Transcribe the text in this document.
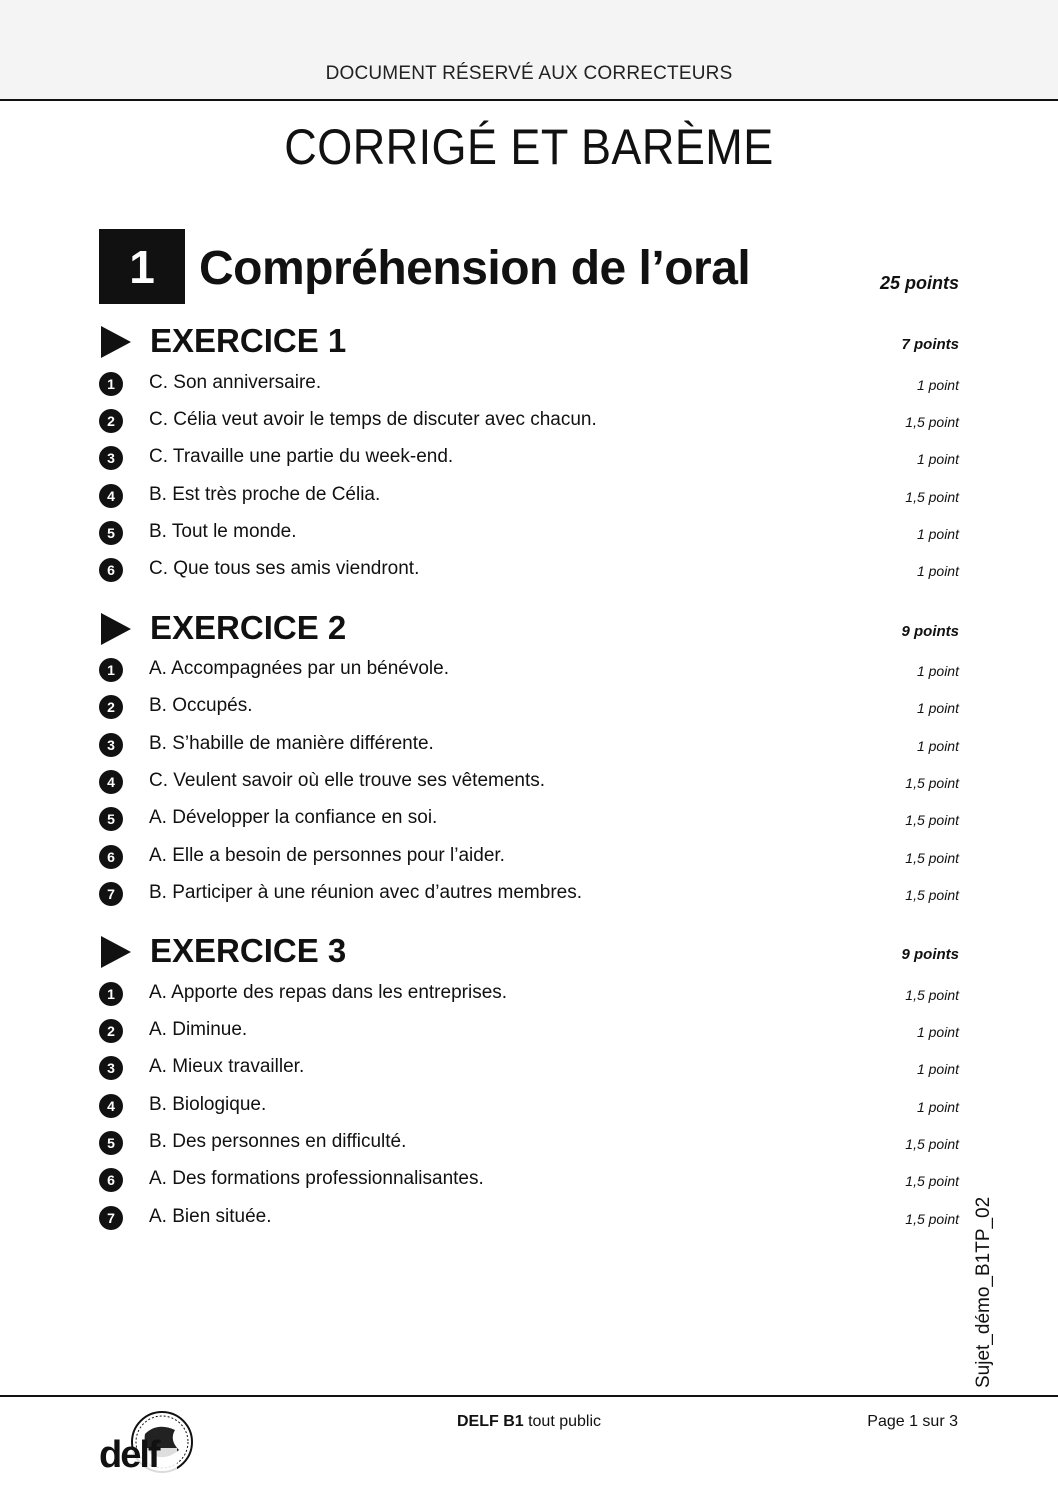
DOCUMENT RÉSERVÉ AUX CORRECTEURS
CORRIGÉ ET BARÈME
1 Compréhension de l’oral	25 points
EXERCICE 1	7 points
1	C. Son anniversaire.	1 point
2	C. Célia veut avoir le temps de discuter avec chacun.	1,5 point
3	C. Travaille une partie du week-end.	1 point
4	B. Est très proche de Célia.	1,5 point
5	B. Tout le monde.	1 point
6	C. Que tous ses amis viendront.	1 point
EXERCICE 2	9 points
1	A. Accompagnées par un bénévole.	1 point
2	B. Occupés.	1 point
3	B. S’habille de manière différente.	1 point
4	C. Veulent savoir où elle trouve ses vêtements.	1,5 point
5	A. Développer la confiance en soi.	1,5 point
6	A. Elle a besoin de personnes pour l’aider.	1,5 point
7	B. Participer à une réunion avec d’autres membres.	1,5 point
EXERCICE 3	9 points
1	A. Apporte des repas dans les entreprises.	1,5 point
2	A. Diminue.	1 point
3	A. Mieux travailler.	1 point
4	B. Biologique.	1 point
5	B. Des personnes en difficulté.	1,5 point
6	A. Des formations professionnalisantes.	1,5 point
7	A. Bien située.	1,5 point Sujet_démo_B1TP_02
delf
DELF B1 tout public	Page 1 sur 3
